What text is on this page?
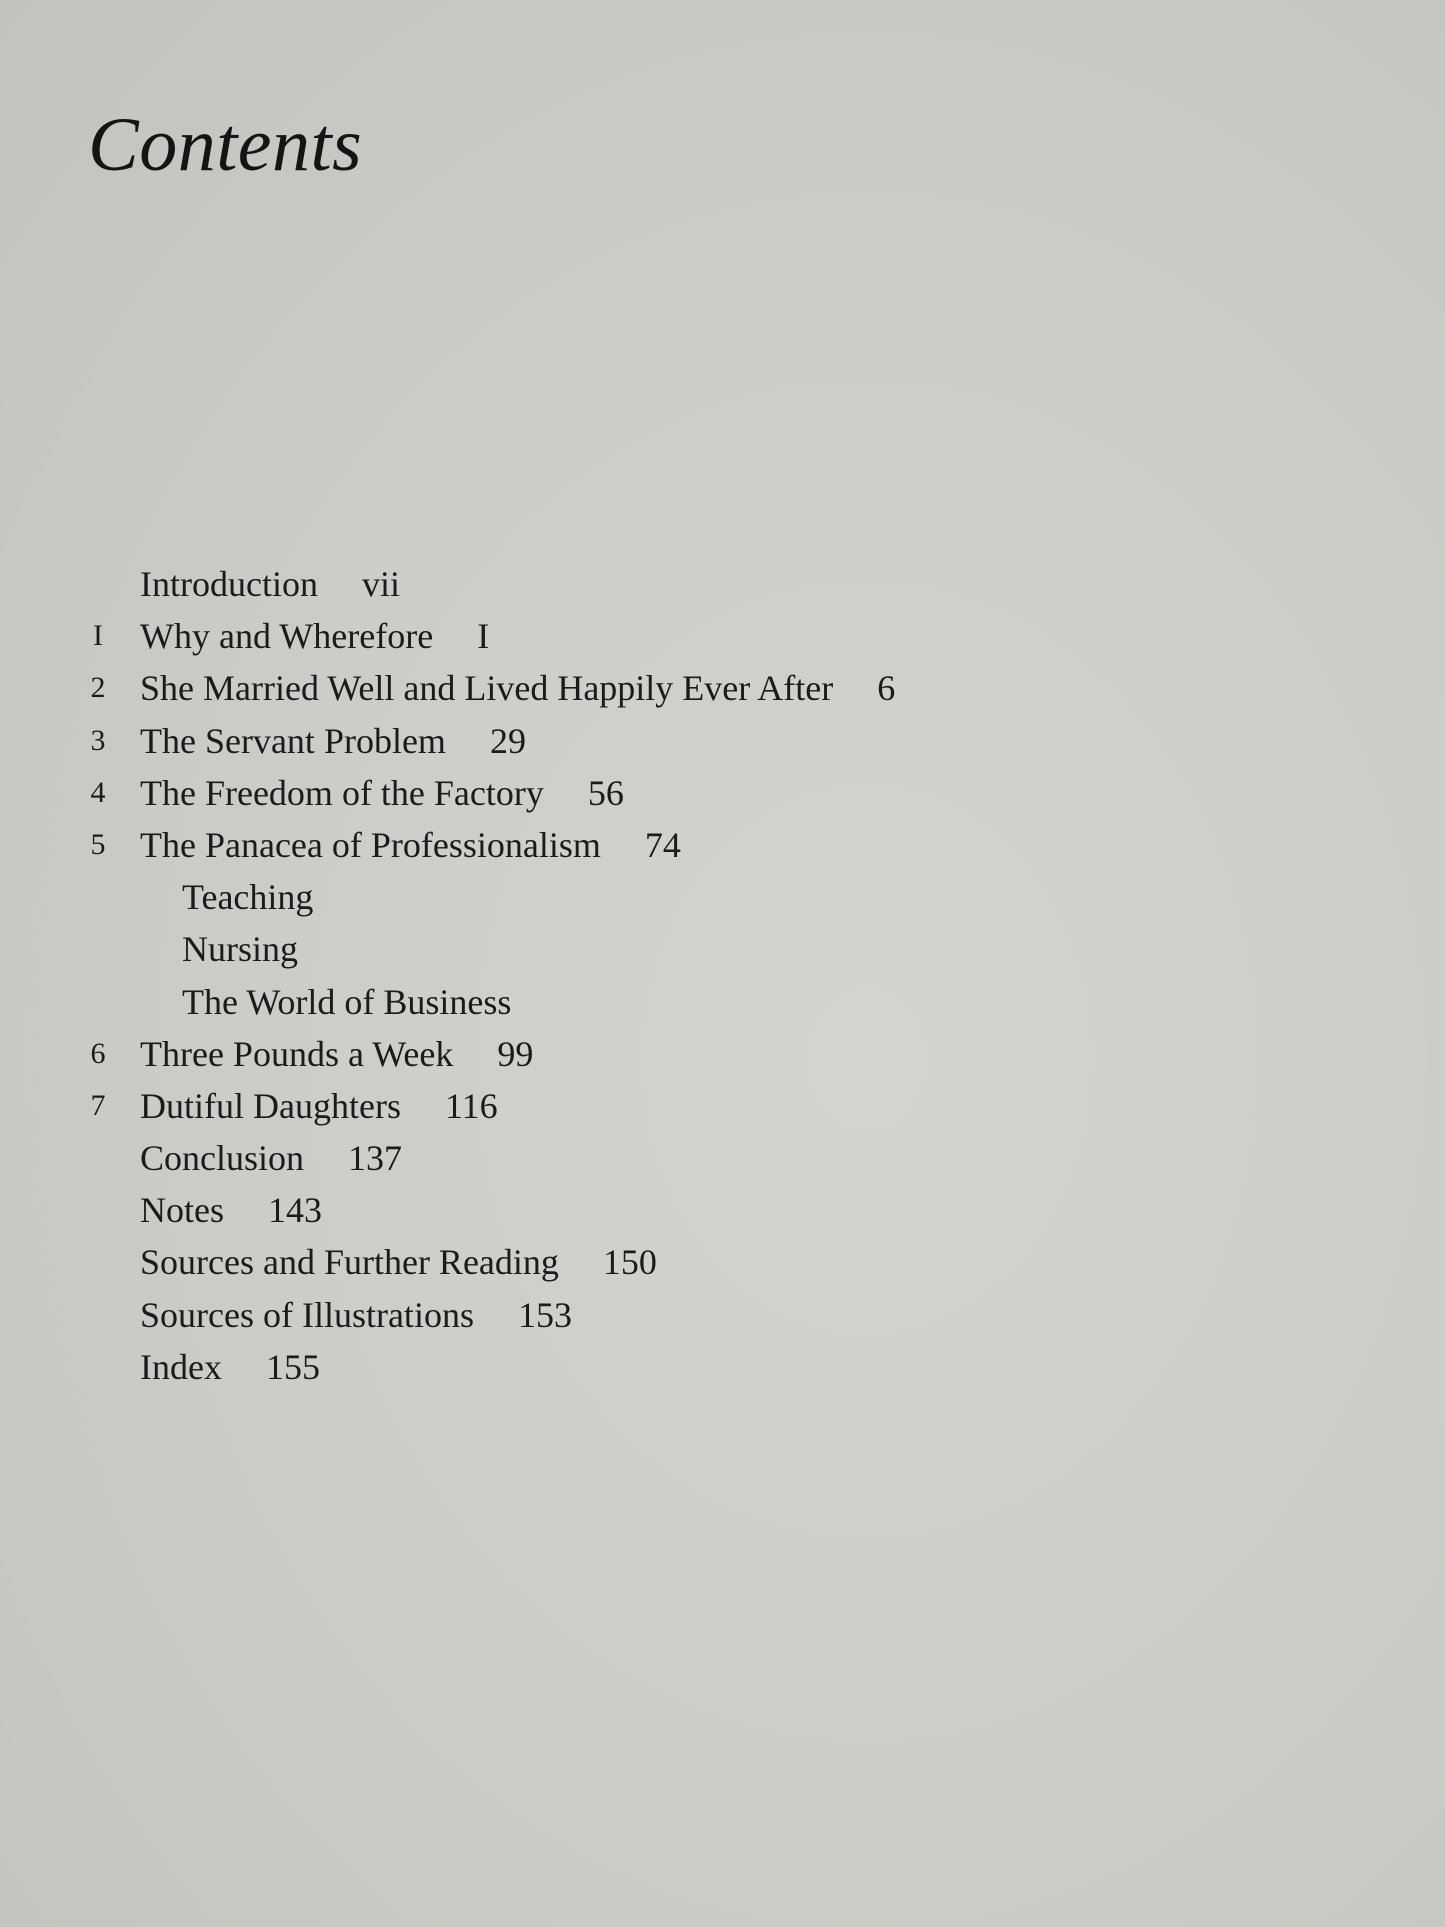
Contents
Introduction vii
I Why and Wherefore I
2 She Married Well and Lived Happily Ever After 6
3 The Servant Problem 29
4 The Freedom of the Factory 56
5 The Panacea of Professionalism 74
Teaching
Nursing
The World of Business
6 Three Pounds a Week 99
7 Dutiful Daughters 116
Conclusion 137
Notes 143
Sources and Further Reading 150
Sources of Illustrations 153
Index 155
